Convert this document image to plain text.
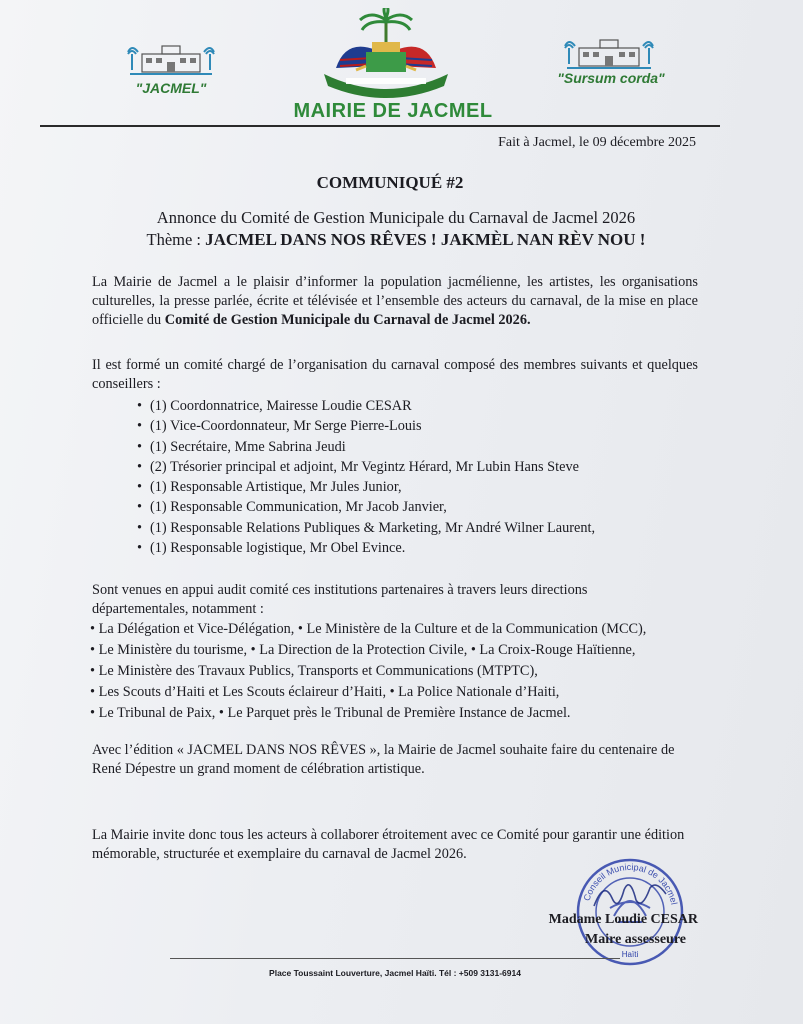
"JACMEL"
MAIRIE DE JACMEL
"Sursum corda"
Fait à Jacmel, le 09 décembre 2025
COMMUNIQUÉ #2
Annonce du Comité de Gestion Municipale du Carnaval de Jacmel 2026
Thème : JACMEL DANS NOS RÊVES ! JAKMÈL NAN RÈV NOU !
La Mairie de Jacmel a le plaisir d’informer la population jacmélienne, les artistes, les organisations culturelles, la presse parlée, écrite et télévisée et l’ensemble des acteurs du carnaval, de la mise en place officielle du Comité de Gestion Municipale du Carnaval de Jacmel 2026.
Il est formé un comité chargé de l’organisation du carnaval composé des membres suivants et quelques conseillers :
• (1) Coordonnatrice, Mairesse Loudie CESAR
• (1) Vice-Coordonnateur, Mr Serge Pierre-Louis
• (1) Secrétaire, Mme Sabrina Jeudi
• (2) Trésorier principal et adjoint, Mr Vegintz Hérard, Mr Lubin Hans Steve
• (1) Responsable Artistique, Mr Jules Junior,
• (1) Responsable Communication, Mr Jacob Janvier,
• (1) Responsable Relations Publiques & Marketing, Mr André Wilner Laurent,
• (1) Responsable logistique, Mr Obel Evince.
Sont venues en appui audit comité ces institutions partenaires à travers leurs directions
départementales, notamment :
• La Délégation et Vice-Délégation, • Le Ministère de la Culture et de la Communication (MCC),
• Le Ministère du tourisme, • La Direction de la Protection Civile, • La Croix-Rouge Haïtienne,
• Le Ministère des Travaux Publics, Transports et Communications (MTPTC),
• Les Scouts d’Haiti et Les Scouts éclaireur d’Haiti, • La Police Nationale d’Haiti,
• Le Tribunal de Paix, • Le Parquet près le Tribunal de Première Instance de Jacmel.
Avec l’édition « JACMEL DANS NOS RÊVES », la Mairie de Jacmel souhaite faire du centenaire de René Dépestre un grand moment de célébration artistique.
La Mairie invite donc tous les acteurs à collaborer étroitement avec ce Comité pour garantir une édition mémorable, structurée et exemplaire du carnaval de Jacmel 2026.
Conseil Municipal de Jacmel
Haïti
Madame Loudie CESAR
Maire assesseure
Place Toussaint Louverture, Jacmel Haïti. Tél : +509 3131-6914
